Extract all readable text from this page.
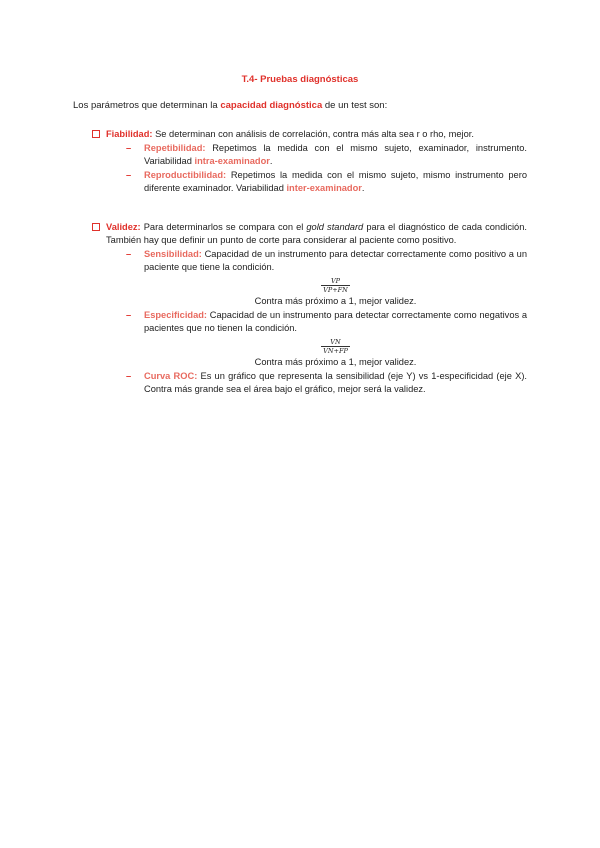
T.4- Pruebas diagnósticas
Los parámetros que determinan la capacidad diagnóstica de un test son:
Fiabilidad: Se determinan con análisis de correlación, contra más alta sea r o rho, mejor.
– Repetibilidad: Repetimos la medida con el mismo sujeto, examinador, instrumento. Variabilidad intra-examinador.
– Reproductibilidad: Repetimos la medida con el mismo sujeto, mismo instrumento pero diferente examinador. Variabilidad inter-examinador.
Validez: Para determinarlos se compara con el gold standard para el diagnóstico de cada condición. También hay que definir un punto de corte para considerar al paciente como positivo.
– Sensibilidad: Capacidad de un instrumento para detectar correctamente como positivo a un paciente que tiene la condición.
$\frac{VP}{VP+FN}$
Contra más próximo a 1, mejor validez.
– Especificidad: Capacidad de un instrumento para detectar correctamente como negativos a pacientes que no tienen la condición.
$\frac{VN}{VN+FP}$
Contra más próximo a 1, mejor validez.
– Curva ROC: Es un gráfico que representa la sensibilidad (eje Y) vs 1-especificidad (eje X). Contra más grande sea el área bajo el gráfico, mejor será la validez.
